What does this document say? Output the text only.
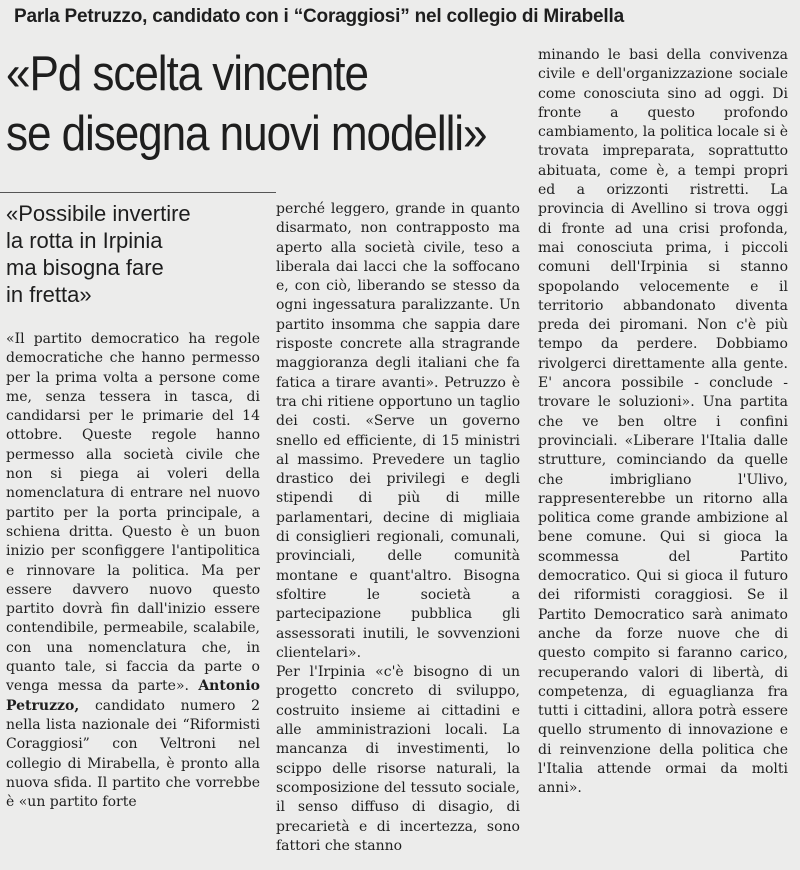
Parla Petruzzo, candidato con i “Coraggiosi” nel collegio di Mirabella
«Pd scelta vincente
se disegna nuovi modelli»
«Possibile invertire
la rotta in Irpinia
ma bisogna fare
in fretta»

«Il partito democratico ha regole democratiche che hanno permesso per la prima volta a persone come me, senza tessera in tasca, di candidarsi per le primarie del 14 ottobre. Queste regole hanno permesso alla società civile che non si piega ai voleri della nomenclatura di entrare nel nuovo partito per la porta principale, a schiena dritta. Questo è un buon inizio per sconfiggere l'antipolitica e rinnovare la politica. Ma per essere davvero nuovo questo partito dovrà fin dall'inizio essere contendibile, permeabile, scalabile, con una nomenclatura che, in quanto tale, si faccia da parte o venga messa da parte». Antonio Petruzzo, candidato numero 2 nella lista nazionale dei “Riformisti Coraggiosi” con Veltroni nel collegio di Mirabella, è pronto alla nuova sfida. Il partito che vorrebbe è «un partito forte

perché leggero, grande in quanto disarmato, non contrapposto ma aperto alla società civile, teso a liberala dai lacci che la soffocano e, con ciò, liberando se stesso da ogni ingessatura paralizzante. Un partito insomma che sappia dare risposte concrete alla stragrande maggioranza degli italiani che fa fatica a tirare avanti». Petruzzo è tra chi ritiene opportuno un taglio dei costi. «Serve un governo snello ed efficiente, di 15 ministri al massimo. Prevedere un taglio drastico dei privilegi e degli stipendi di più di mille parlamentari, decine di migliaia di consiglieri regionali, comunali, provinciali, delle comunità montane e quant'altro. Bisogna sfoltire le società a partecipazione pubblica gli assessorati inutili, le sovvenzioni clientelari».

Per l'Irpinia «c'è bisogno di un progetto concreto di sviluppo, costruito insieme ai cittadini e alle amministrazioni locali. La mancanza di investimenti, lo scippo delle risorse naturali, la scomposizione del tessuto sociale, il senso diffuso di disagio, di precarietà e di incertezza, sono fattori che stanno

minando le basi della convivenza civile e dell'organizzazione sociale come conosciuta sino ad oggi. Di fronte a questo profondo cambiamento, la politica locale si è trovata impreparata, soprattutto abituata, come è, a tempi propri ed a orizzonti ristretti. La provincia di Avellino si trova oggi di fronte ad una crisi profonda, mai conosciuta prima, i piccoli comuni dell'Irpinia si stanno spopolando velocemente e il territorio abbandonato diventa preda dei piromani. Non c'è più tempo da perdere. Dobbiamo rivolgerci direttamente alla gente. E' ancora possibile - conclude - trovare le soluzioni». Una partita che ve ben oltre i confini provinciali. «Liberare l'Italia dalle strutture, cominciando da quelle che imbrigliano l'Ulivo, rappresenterebbe un ritorno alla politica come grande ambizione al bene comune. Qui si gioca la scommessa del Partito democratico. Qui si gioca il futuro dei riformisti coraggiosi. Se il Partito Democratico sarà animato anche da forze nuove che di questo compito si faranno carico, recuperando valori di libertà, di competenza, di eguaglianza fra tutti i cittadini, allora potrà essere quello strumento di innovazione e di reinvenzione della politica che l'Italia attende ormai da molti anni».
